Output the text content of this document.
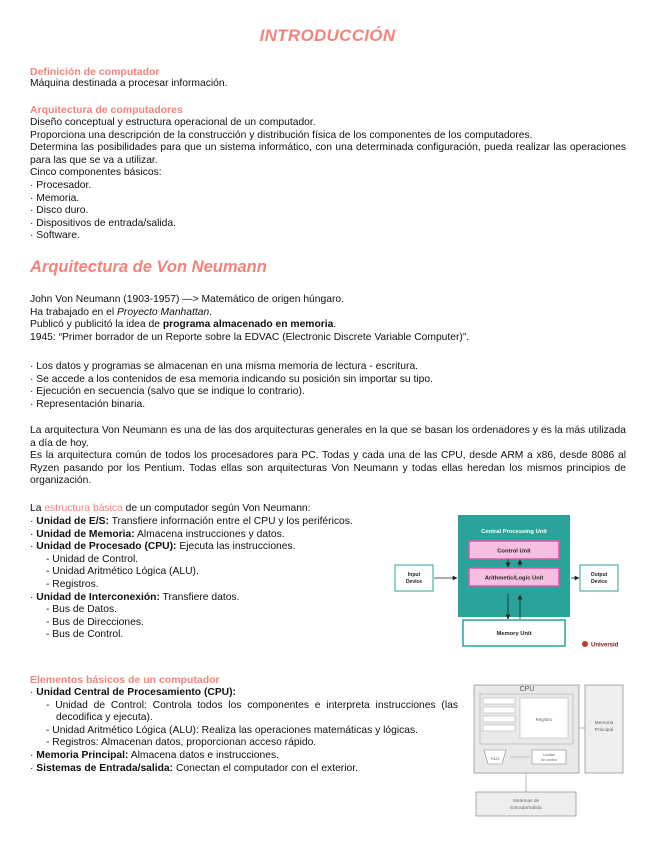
INTRODUCCIÓN
Definición de computador
Máquina destinada a procesar información.
Arquitectura de computadores

Diseño conceptual y estructura operacional de un computador.

Proporciona una descripción de la construcción y distribución física de los componentes de los computadores.

Determina las posibilidades para que un sistema informático, con una determinada configuración, pueda realizar las operaciones para las que se va a utilizar.

Cinco componentes básicos:

· Procesador.

· Memoria.

· Disco duro.

· Dispositivos de entrada/salida.

· Software.

Arquitectura de Von Neumann

John Von Neumann (1903-1957) —> Matemático de origen húngaro.

Ha trabajado en el Proyecto Manhattan.

Publicó y publicitó la idea de programa almacenado en memoria.

1945: “Primer borrador de un Reporte sobre la EDVAC (Electronic Discrete Variable Computer)”.

· Los datos y programas se almacenan en una misma memoria de lectura - escritura.

· Se accede a los contenidos de esa memoria indicando su posición sin importar su tipo.

· Ejecución en secuencia (salvo que se indique lo contrario).

· Representación binaria.

La arquitectura Von Neumann es una de las dos arquitecturas generales en la que se basan los ordenadores y es la más utilizada a día de hoy.

Es la arquitectura común de todos los procesadores para PC. Todas y cada una de las CPU, desde ARM a x86, desde 8086 al Ryzen pasando por los Pentium. Todas ellas son arquitecturas Von Neumann y todas ellas heredan los mismos principios de organización.

La estructura básica de un computador según Von Neumann:

· Unidad de E/S: Transfiere información entre el CPU y los periféricos.

· Unidad de Memoria: Almacena instrucciones y datos.

· Unidad de Procesado (CPU): Ejecuta las instrucciones.

- Unidad de Control.

- Unidad Aritmético Lógica (ALU).

- Registros.

· Unidad de Interconexión: Transfiere datos.

- Bus de Datos.

- Bus de Direcciones.

- Bus de Control.

Central Processing Unit
Control Unit
Arithmetic/Logic Unit
Memory Unit
Input
Device
Output
Device
Universid
Elementos básicos de un computador

· Unidad Central de Procesamiento (CPU):

- Unidad de Control: Controla todos los componentes e interpreta instrucciones (las decodifica y ejecuta).

- Unidad Aritmético Lógica (ALU): Realiza las operaciones matemáticas y lógicas.

- Registros: Almacenan datos, proporcionan acceso rápido.

· Memoria Principal: Almacena datos e instrucciones.

· Sistemas de Entrada/salida: Conectan el computador con el exterior.

CPU
Registro
ALU
Unidad
de control
Memoria
Principal
Sistemas de
Entrada/Salida
